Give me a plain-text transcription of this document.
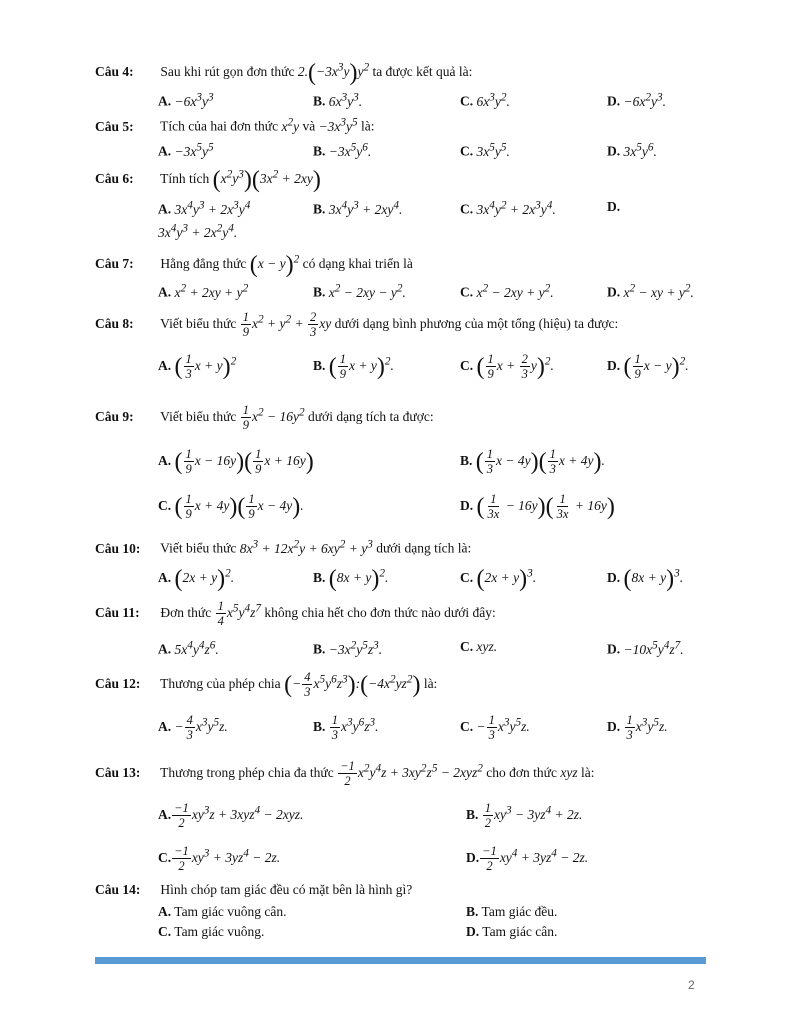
Câu 4: Sau khi rút gọn đơn thức $2.(-3x^3y)y^2$ ta được kết quả là:
A. $-6x^3y^3$	B. $6x^3y^3$.	C. $6x^3y^2$.	D. $-6x^2y^3$.
Câu 5: Tích của hai đơn thức $x^2y$ và $-3x^3y^5$ là:
A. $-3x^5y^5$	B. $-3x^5y^6$.	C. $3x^5y^5$.	D. $3x^5y^6$.
Câu 6: Tính tích $(x^2y^3)(3x^2 + 2xy)$
A. $3x^4y^3 + 2x^3y^4$	B. $3x^4y^3 + 2xy^4$.	C. $3x^4y^2 + 2x^3y^4$.	D.
$3x^4y^3 + 2x^2y^4$.
Câu 7: Hằng đẳng thức $(x - y)^2$ có dạng khai triển là
A. $x^2 + 2xy + y^2$	B. $x^2 - 2xy - y^2$.	C. $x^2 - 2xy + y^2$.	D. $x^2$ − xy + $y^2$.
Câu 8: Viết biểu thức $\frac{1}{9} x^2 + y^2 + \frac{2}{3}$ xy dưới dạng bình phương của một tổng (hiệu) ta được:
A. ( $\frac{1}{3}$ x + y)$^2$	B. ( $\frac{1}{9}$ x + y)$^2$.	C. ( $\frac{1}{9}$ $x + \frac{2}{3} y)^2$.	D. ( $\frac{1}{9}$ x − y)$^2$.
Câu 9: Viết biểu thức $\frac{1}{9} x^2 - 16y^2$ dưới dạng tích ta được:
A. ( $\frac{1}{9}$ $x - 16y)( \frac{1}{9}$ x + 16y)	B. ( $\frac{1}{3}$ $x - 4y)( \frac{1}{3}$ x + 4y).
C. ( $\frac{1}{9}$ $x + 4y)( \frac{1}{9}$ x − 4y).	D. ( $\frac{1}{3x} - 16y)( \frac{1}{3x} + 16y)$
Câu 10: Viết biểu thức $8x^3 + 12x^2y + 6xy^2 + y^3$ dưới dạng tích là:
A. $(2x + y)^2$.	B. $(8x + y)^2$.	C. $(2x + y)^3$.	D. $(8x + y)^3$.
Câu 11: Đơn thức $\frac{1}{4} x^5y^4z^7$ không chia hết cho đơn thức nào dưới đây:
A. $5x^4y^4z^6$.	B. $-3x^2y^5z^3$.	C. xyz.	D. $-10x^5y^4z^7$.
Câu 12: Thương của phép chia (− $\frac{4}{3}$ $x^5y^6z^3):(-4x^2yz^2)$ là:
A. − $\frac{4}{3} x^3y^5z$.	B. $\frac{1}{3} x^3y^6z^3$.	C. − $\frac{1}{3} x^3y^5z$.	D. $\frac{1}{3} x^3y^5z$.
Câu 13: Thương trong phép chia đa thức $\frac{-1}{2} x^2y^4z + 3xy^2z^5 - 2xyz^2$ cho đơn thức xyz là:
A. $\frac{-1}{2} xy^3z + 3xyz^4 - 2xyz$.	B. $\frac{1}{2} xy^3 - 3yz^4 + 2z$.
C. $\frac{-1}{2} xy^3 + 3yz^4 - 2z$.	D. $\frac{-1}{2} xy^4 + 3yz^4 - 2z$.
Câu 14: Hình chóp tam giác đều có mặt bên là hình gì?
A. Tam giác vuông cân.	B. Tam giác đều.
C. Tam giác vuông.	D. Tam giác cân.
2
